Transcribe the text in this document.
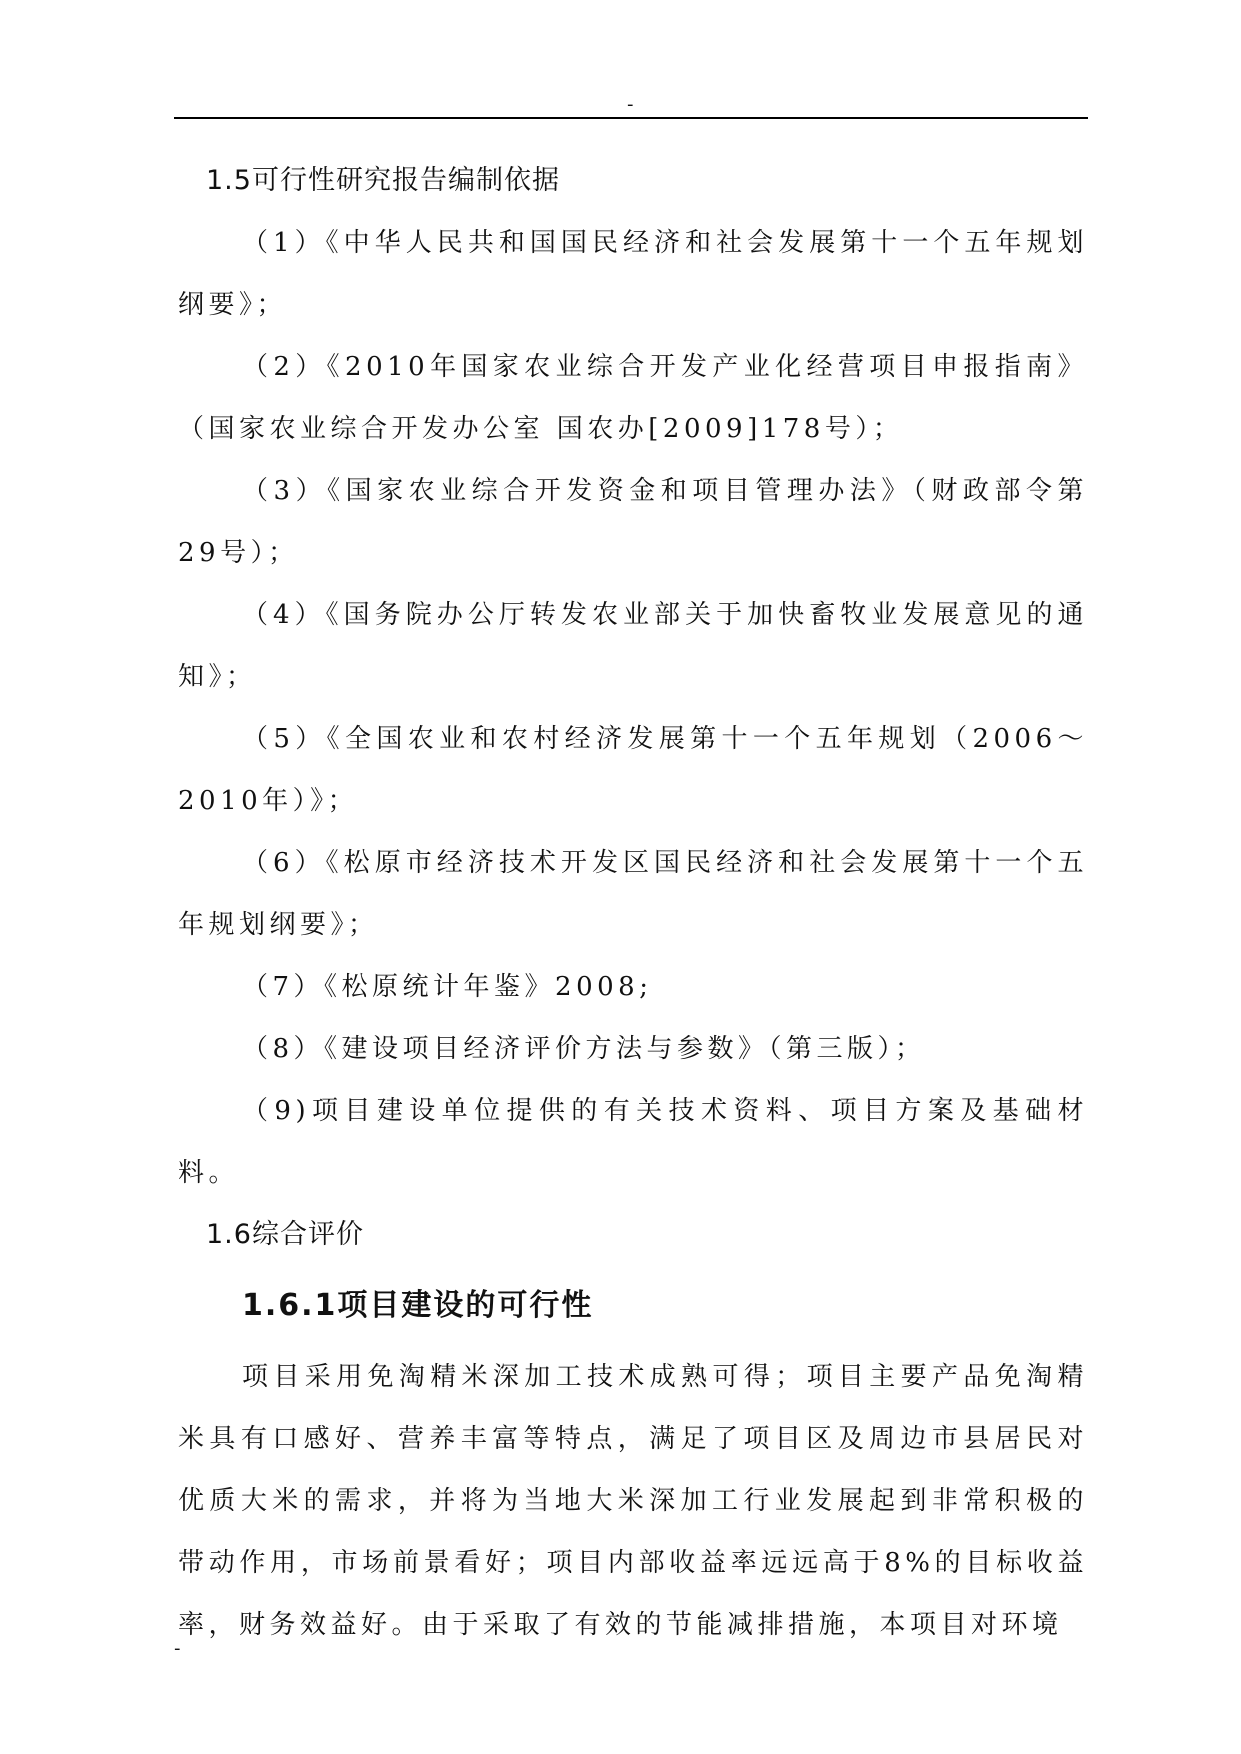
-
1.5可行性研究报告编制依据

（1）《中华人民共和国国民经济和社会发展第十一个五年规划纲要》；

（2）《2010年国家农业综合开发产业化经营项目申报指南》（国家农业综合开发办公室 国农办[2009]178号）；

（3）《国家农业综合开发资金和项目管理办法》（财政部令第29号）；

（4）《国务院办公厅转发农业部关于加快畜牧业发展意见的通知》；

（5）《全国农业和农村经济发展第十一个五年规划（2006～2010年）》；

（6）《松原市经济技术开发区国民经济和社会发展第十一个五年规划纲要》；

（7）《松原统计年鉴》2008;

（8）《建设项目经济评价方法与参数》（第三版）；

（9)项目建设单位提供的有关技术资料、项目方案及基础材料。

1.6综合评价
1.6.1项目建设的可行性

项目采用免淘精米深加工技术成熟可得；项目主要产品免淘精米具有口感好、营养丰富等特点，满足了项目区及周边市县居民对优质大米的需求，并将为当地大米深加工行业发展起到非常积极的带动作用，市场前景看好；项目内部收益率远远高于8%的目标收益率，财务效益好。由于采取了有效的节能减排措施，本项目对环境

-
